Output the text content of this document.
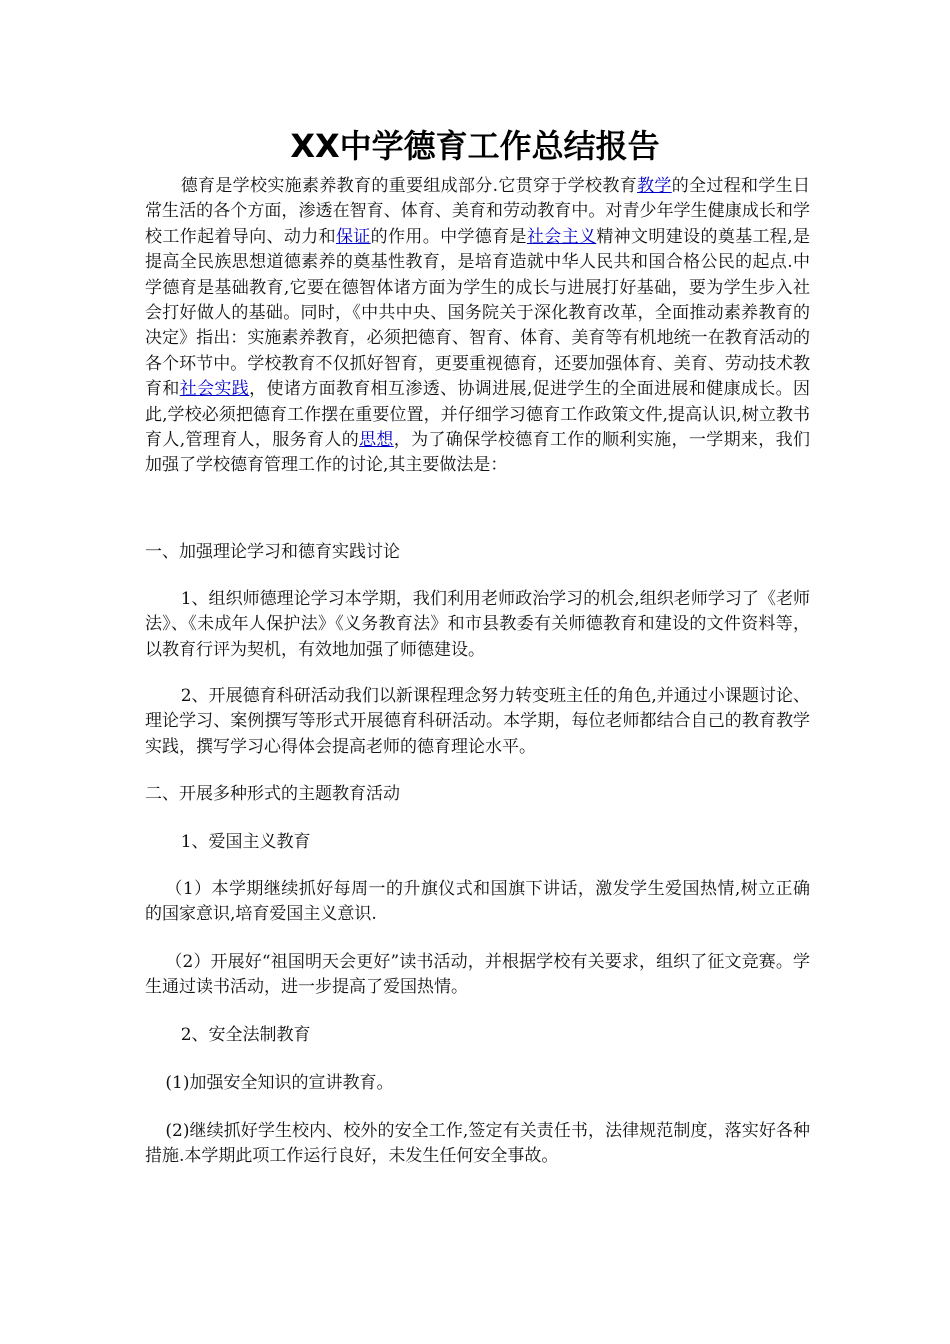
XX中学德育工作总结报告

德育是学校实施素养教育的重要组成部分.它贯穿于学校教育教学的全过程和学生日常生活的各个方面，渗透在智育、体育、美育和劳动教育中。对青少年学生健康成长和学校工作起着导向、动力和保证的作用。中学德育是社会主义精神文明建设的奠基工程,是提高全民族思想道德素养的奠基性教育，是培育造就中华人民共和国合格公民的起点.中学德育是基础教育,它要在德智体诸方面为学生的成长与进展打好基础，要为学生步入社会打好做人的基础。同时，《中共中央、国务院关于深化教育改革，全面推动素养教育的决定》指出：实施素养教育，必须把德育、智育、体育、美育等有机地统一在教育活动的各个环节中。学校教育不仅抓好智育，更要重视德育，还要加强体育、美育、劳动技术教育和社会实践，使诸方面教育相互渗透、协调进展,促进学生的全面进展和健康成长。因此,学校必须把德育工作摆在重要位置，并仔细学习德育工作政策文件,提高认识,树立教书育人,管理育人，服务育人的思想，为了确保学校德育工作的顺利实施，一学期来，我们加强了学校德育管理工作的讨论,其主要做法是：

一、加强理论学习和德育实践讨论

1、组织师德理论学习本学期，我们利用老师政治学习的机会,组织老师学习了《老师法》、《未成年人保护法》《义务教育法》和市县教委有关师德教育和建设的文件资料等，以教育行评为契机，有效地加强了师德建设。

2、开展德育科研活动我们以新课程理念努力转变班主任的角色,并通过小课题讨论、理论学习、案例撰写等形式开展德育科研活动。本学期，每位老师都结合自己的教育教学实践，撰写学习心得体会提高老师的德育理论水平。

二、开展多种形式的主题教育活动

1、爱国主义教育

（1）本学期继续抓好每周一的升旗仪式和国旗下讲话，激发学生爱国热情,树立正确的国家意识,培育爱国主义意识.

（2）开展好“祖国明天会更好”读书活动，并根据学校有关要求，组织了征文竞赛。学生通过读书活动，进一步提高了爱国热情。

2、安全法制教育

(1)加强安全知识的宣讲教育。

(2)继续抓好学生校内、校外的安全工作,签定有关责任书，法律规范制度，落实好各种措施.本学期此项工作运行良好，未发生任何安全事故。
